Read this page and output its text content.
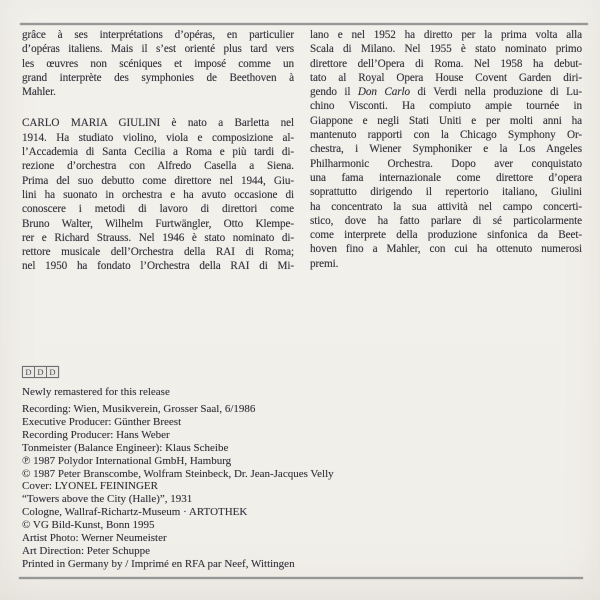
grâce à ses interprétations d’opéras, en particulier
d’opéras italiens. Mais il s’est orienté plus tard vers
les œuvres non scéniques et imposé comme un
grand interprète des symphonies de Beethoven à
Mahler.
CARLO MARIA GIULINI è nato a Barletta nel
1914. Ha studiato violino, viola e composizione al-
l’Accademia di Santa Cecilia a Roma e più tardi di-
rezione d’orchestra con Alfredo Casella a Siena.
Prima del suo debutto come direttore nel 1944, Giu-
lini ha suonato in orchestra e ha avuto occasione di
conoscere i metodi di lavoro di direttori come
Bruno Walter, Wilhelm Furtwängler, Otto Klempe-
rer e Richard Strauss. Nel 1946 è stato nominato di-
rettore musicale dell’Orchestra della RAI di Roma;
nel 1950 ha fondato l’Orchestra della RAI di Mi-
lano e nel 1952 ha diretto per la prima volta alla
Scala di Milano. Nel 1955 è stato nominato primo
direttore dell’Opera di Roma. Nel 1958 ha debut-
tato al Royal Opera House Covent Garden diri-
gendo il Don Carlo di Verdi nella produzione di Lu-
chino Visconti. Ha compiuto ampie tournée in
Giappone e negli Stati Uniti e per molti anni ha
mantenuto rapporti con la Chicago Symphony Or-
chestra, i Wiener Symphoniker e la Los Angeles
Philharmonic Orchestra. Dopo aver conquistato
una fama internazionale come direttore d’opera
soprattutto dirigendo il repertorio italiano, Giulini
ha concentrato la sua attività nel campo concerti-
stico, dove ha fatto parlare di sé particolarmente
come interprete della produzione sinfonica da Beet-
hoven fino a Mahler, con cui ha ottenuto numerosi
premi.
D D D
Newly remastered for this release
Recording: Wien, Musikverein, Grosser Saal, 6/1986
Executive Producer: Günther Breest
Recording Producer: Hans Weber
Tonmeister (Balance Engineer): Klaus Scheibe
℗ 1987 Polydor International GmbH, Hamburg
© 1987 Peter Branscombe, Wolfram Steinbeck, Dr. Jean-Jacques Velly
Cover: LYONEL FEININGER
“Towers above the City (Halle)”, 1931
Cologne, Wallraf-Richartz-Museum · ARTOTHEK
© VG Bild-Kunst, Bonn 1995
Artist Photo: Werner Neumeister
Art Direction: Peter Schuppe
Printed in Germany by / Imprimé en RFA par Neef, Wittingen
